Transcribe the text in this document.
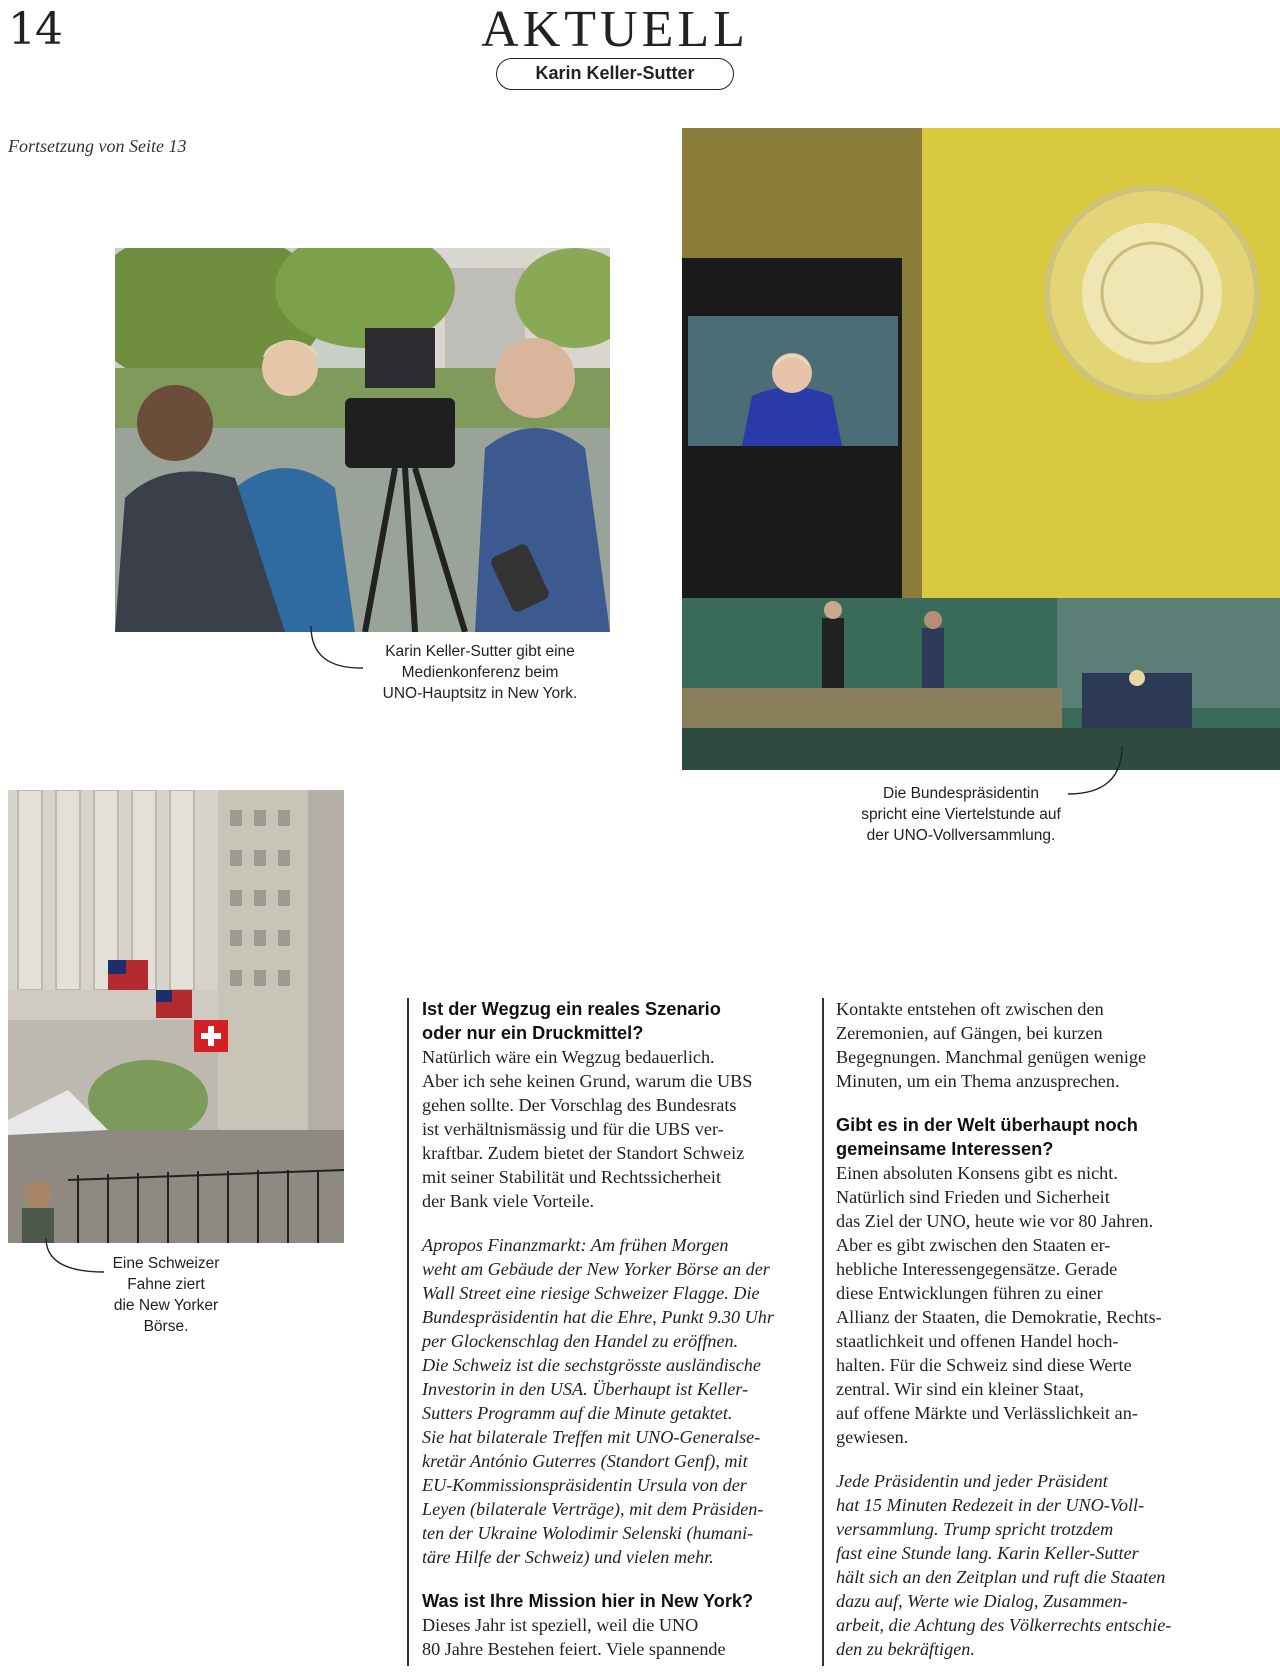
14	AKTUELL
Karin Keller-Sutter
Fortsetzung von Seite 13
Karin Keller-Sutter gibt eine
Medienkonferenz beim
UNO-Hauptsitz in New York.
Die Bundespräsidentin
spricht eine Viertelstunde auf
der UNO-Vollversammlung.
Eine Schweizer
Fahne ziert
die New Yorker
Börse.
Ist der Wegzug ein reales Szenario
oder nur ein Druckmittel?
Natürlich wäre ein Wegzug bedauerlich.
Aber ich sehe keinen Grund, warum die UBS
gehen sollte. Der Vorschlag des Bundesrats
ist verhältnismässig und für die UBS ver-
kraftbar. Zudem bietet der Standort Schweiz
mit seiner Stabilität und Rechtssicherheit
der Bank viele Vorteile.
Apropos Finanzmarkt: Am frühen Morgen
weht am Gebäude der New Yorker Börse an der
Wall Street eine riesige Schweizer Flagge. Die
Bundespräsidentin hat die Ehre, Punkt 9.30 Uhr
per Glockenschlag den Handel zu eröffnen.
Die Schweiz ist die sechstgrösste ausländische
Investorin in den USA. Überhaupt ist Keller-
Sutters Programm auf die Minute getaktet.
Sie hat bilaterale Treffen mit UNO-Generalse-
kretär António Guterres (Standort Genf), mit
EU-Kommissionspräsidentin Ursula von der
Leyen (bilaterale Verträge), mit dem Präsiden-
ten der Ukraine Wolodimir Selenski (humani-
täre Hilfe der Schweiz) und vielen mehr.
Was ist Ihre Mission hier in New York?
Dieses Jahr ist speziell, weil die UNO
80 Jahre Bestehen feiert. Viele spannende
Kontakte entstehen oft zwischen den
Zeremonien, auf Gängen, bei kurzen
Begegnungen. Manchmal genügen wenige
Minuten, um ein Thema anzusprechen.
Gibt es in der Welt überhaupt noch
gemeinsame Interessen?
Einen absoluten Konsens gibt es nicht.
Natürlich sind Frieden und Sicherheit
das Ziel der UNO, heute wie vor 80 Jahren.
Aber es gibt zwischen den Staaten er-
hebliche Interessengegensätze. Gerade
diese Entwicklungen führen zu einer
Allianz der Staaten, die Demokratie, Rechts-
staatlichkeit und offenen Handel hoch-
halten. Für die Schweiz sind diese Werte
zentral. Wir sind ein kleiner Staat,
auf offene Märkte und Verlässlichkeit an-
gewiesen.
Jede Präsidentin und jeder Präsident
hat 15 Minuten Redezeit in der UNO-Voll-
versammlung. Trump spricht trotzdem
fast eine Stunde lang. Karin Keller-Sutter
hält sich an den Zeitplan und ruft die Staaten
dazu auf, Werte wie Dialog, Zusammen-
arbeit, die Achtung des Völkerrechts entschie-
den zu bekräftigen.
